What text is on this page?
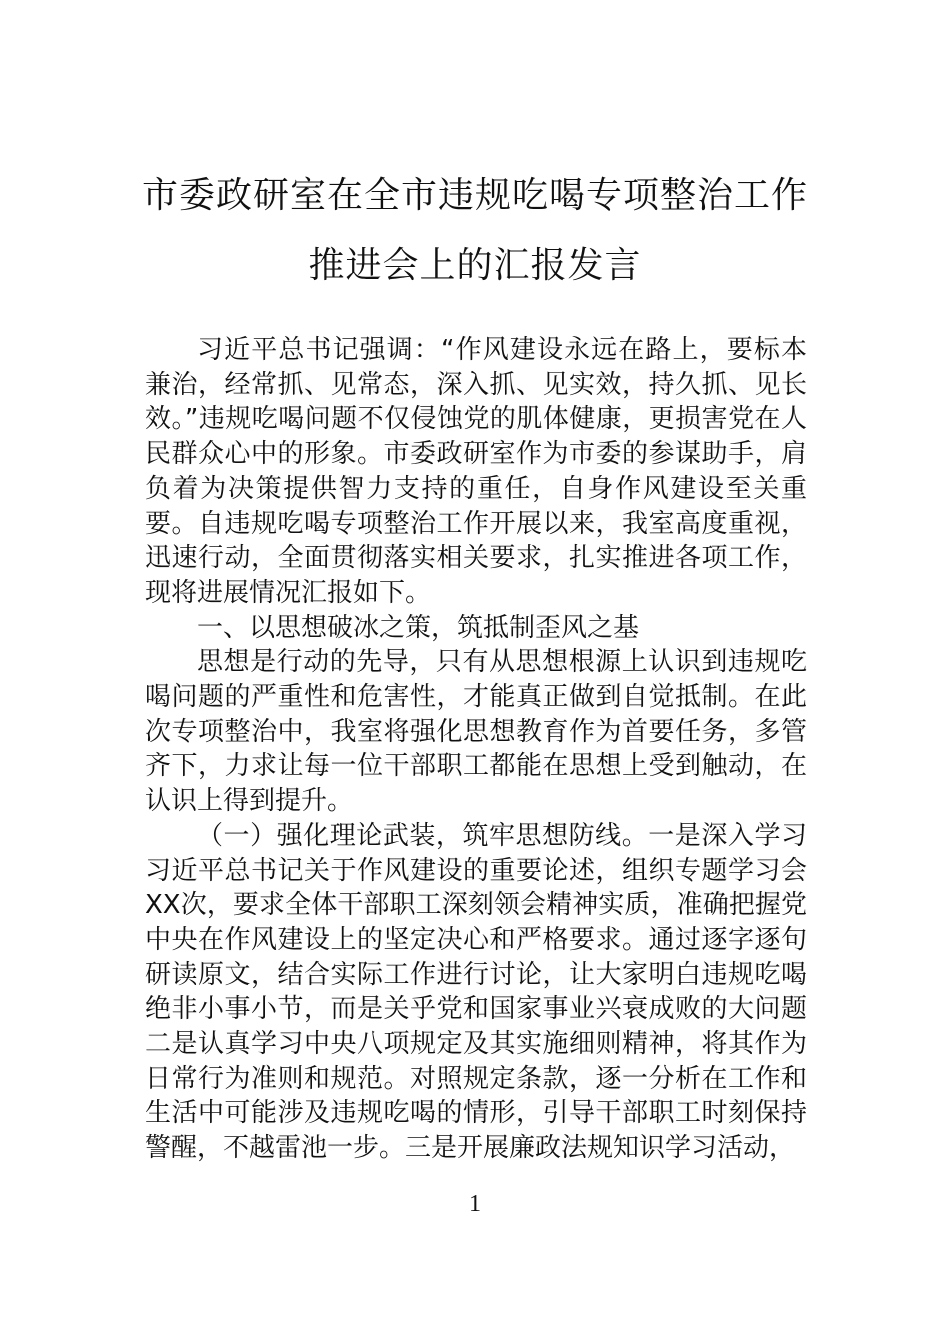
市委政研室在全市违规吃喝专项整治工作
推进会上的汇报发言

习近平总书记强调：“作风建设永远在路上，要标本兼治，经常抓、见常态，深入抓、见实效，持久抓、见长效。”违规吃喝问题不仅侵蚀党的肌体健康，更损害党在人民群众心中的形象。市委政研室作为市委的参谋助手，肩负着为决策提供智力支持的重任，自身作风建设至关重要。自违规吃喝专项整治工作开展以来，我室高度重视，迅速行动，全面贯彻落实相关要求，扎实推进各项工作，现将进展情况汇报如下。

一、以思想破冰之策，筑抵制歪风之基

思想是行动的先导，只有从思想根源上认识到违规吃喝问题的严重性和危害性，才能真正做到自觉抵制。在此次专项整治中，我室将强化思想教育作为首要任务，多管齐下，力求让每一位干部职工都能在思想上受到触动，在认识上得到提升。

（一）强化理论武装，筑牢思想防线。一是深入学习习近平总书记关于作风建设的重要论述，组织专题学习会XX次，要求全体干部职工深刻领会精神实质，准确把握党中央在作风建设上的坚定决心和严格要求。通过逐字逐句研读原文，结合实际工作进行讨论，让大家明白违规吃喝绝非小事小节，而是关乎党和国家事业兴衰成败的大问题二是认真学习中央八项规定及其实施细则精神，将其作为日常行为准则和规范。对照规定条款，逐一分析在工作和生活中可能涉及违规吃喝的情形，引导干部职工时刻保持警醒，不越雷池一步。三是开展廉政法规知识学习活动，

1
